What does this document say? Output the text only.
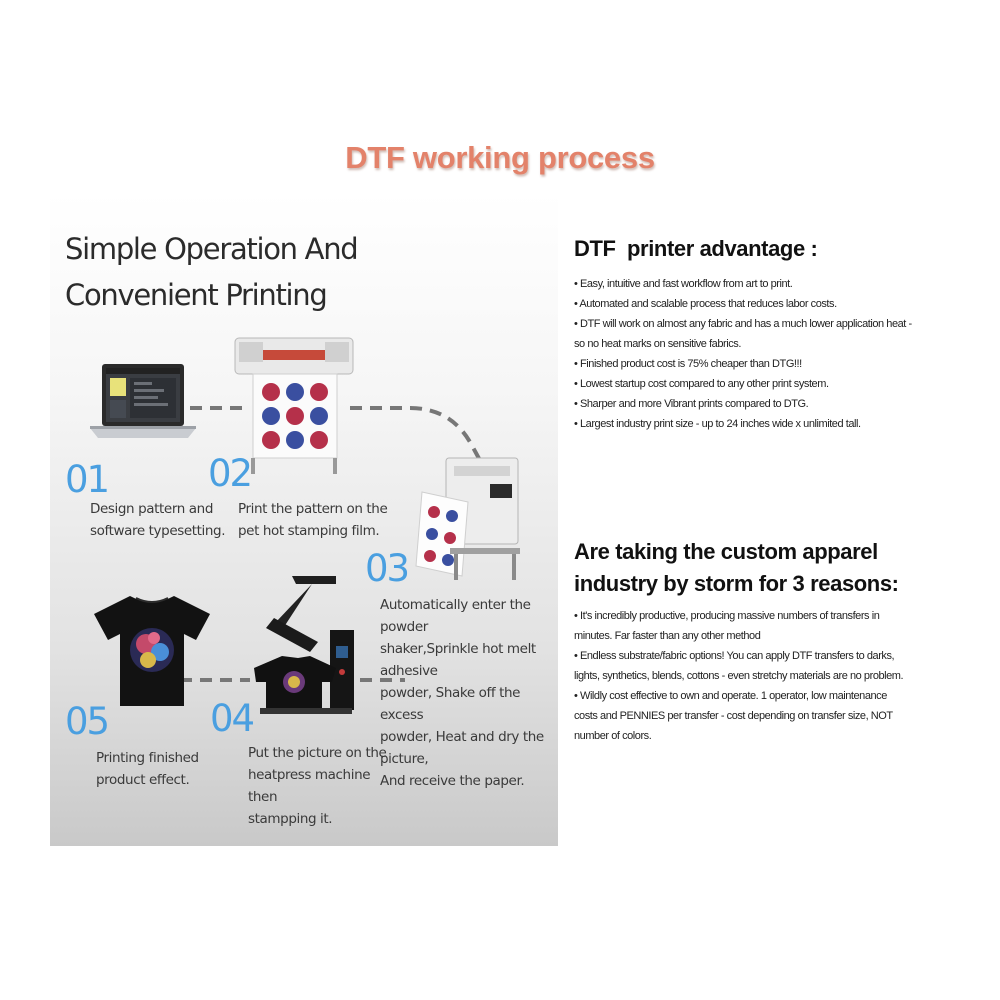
DTF working process
Simple Operation And
Convenient Printing
01
Design pattern and
software typesetting.
02
Print the pattern on the
pet hot stamping film.
03
Automatically enter the powder
shaker,Sprinkle hot melt adhesive
powder, Shake off the excess
powder, Heat and dry the picture,
And receive the paper.
04
Put the picture on the
heatpress machine then
stampping it.
05
Printing finished
product effect.
DTF  printer advantage :
• Easy, intuitive and fast workflow from art to print.
• Automated and scalable process that reduces labor costs.
• DTF will work on almost any fabric and has a much lower application heat - so no heat marks on sensitive fabrics.
• Finished product cost is 75% cheaper than DTG!!!
• Lowest startup cost compared to any other print system.
• Sharper and more Vibrant prints compared to DTG.
• Largest industry print size - up to 24 inches wide x unlimited tall.
Are taking the custom apparel industry by storm for 3 reasons:
• It's incredibly productive, producing massive numbers of transfers in minutes. Far faster than any other method
• Endless substrate/fabric options! You can apply DTF transfers to darks, lights, synthetics, blends, cottons - even stretchy materials are no problem.
• Wildly cost effective to own and operate. 1 operator, low maintenance costs and PENNIES per transfer - cost depending on transfer size, NOT number of colors.
